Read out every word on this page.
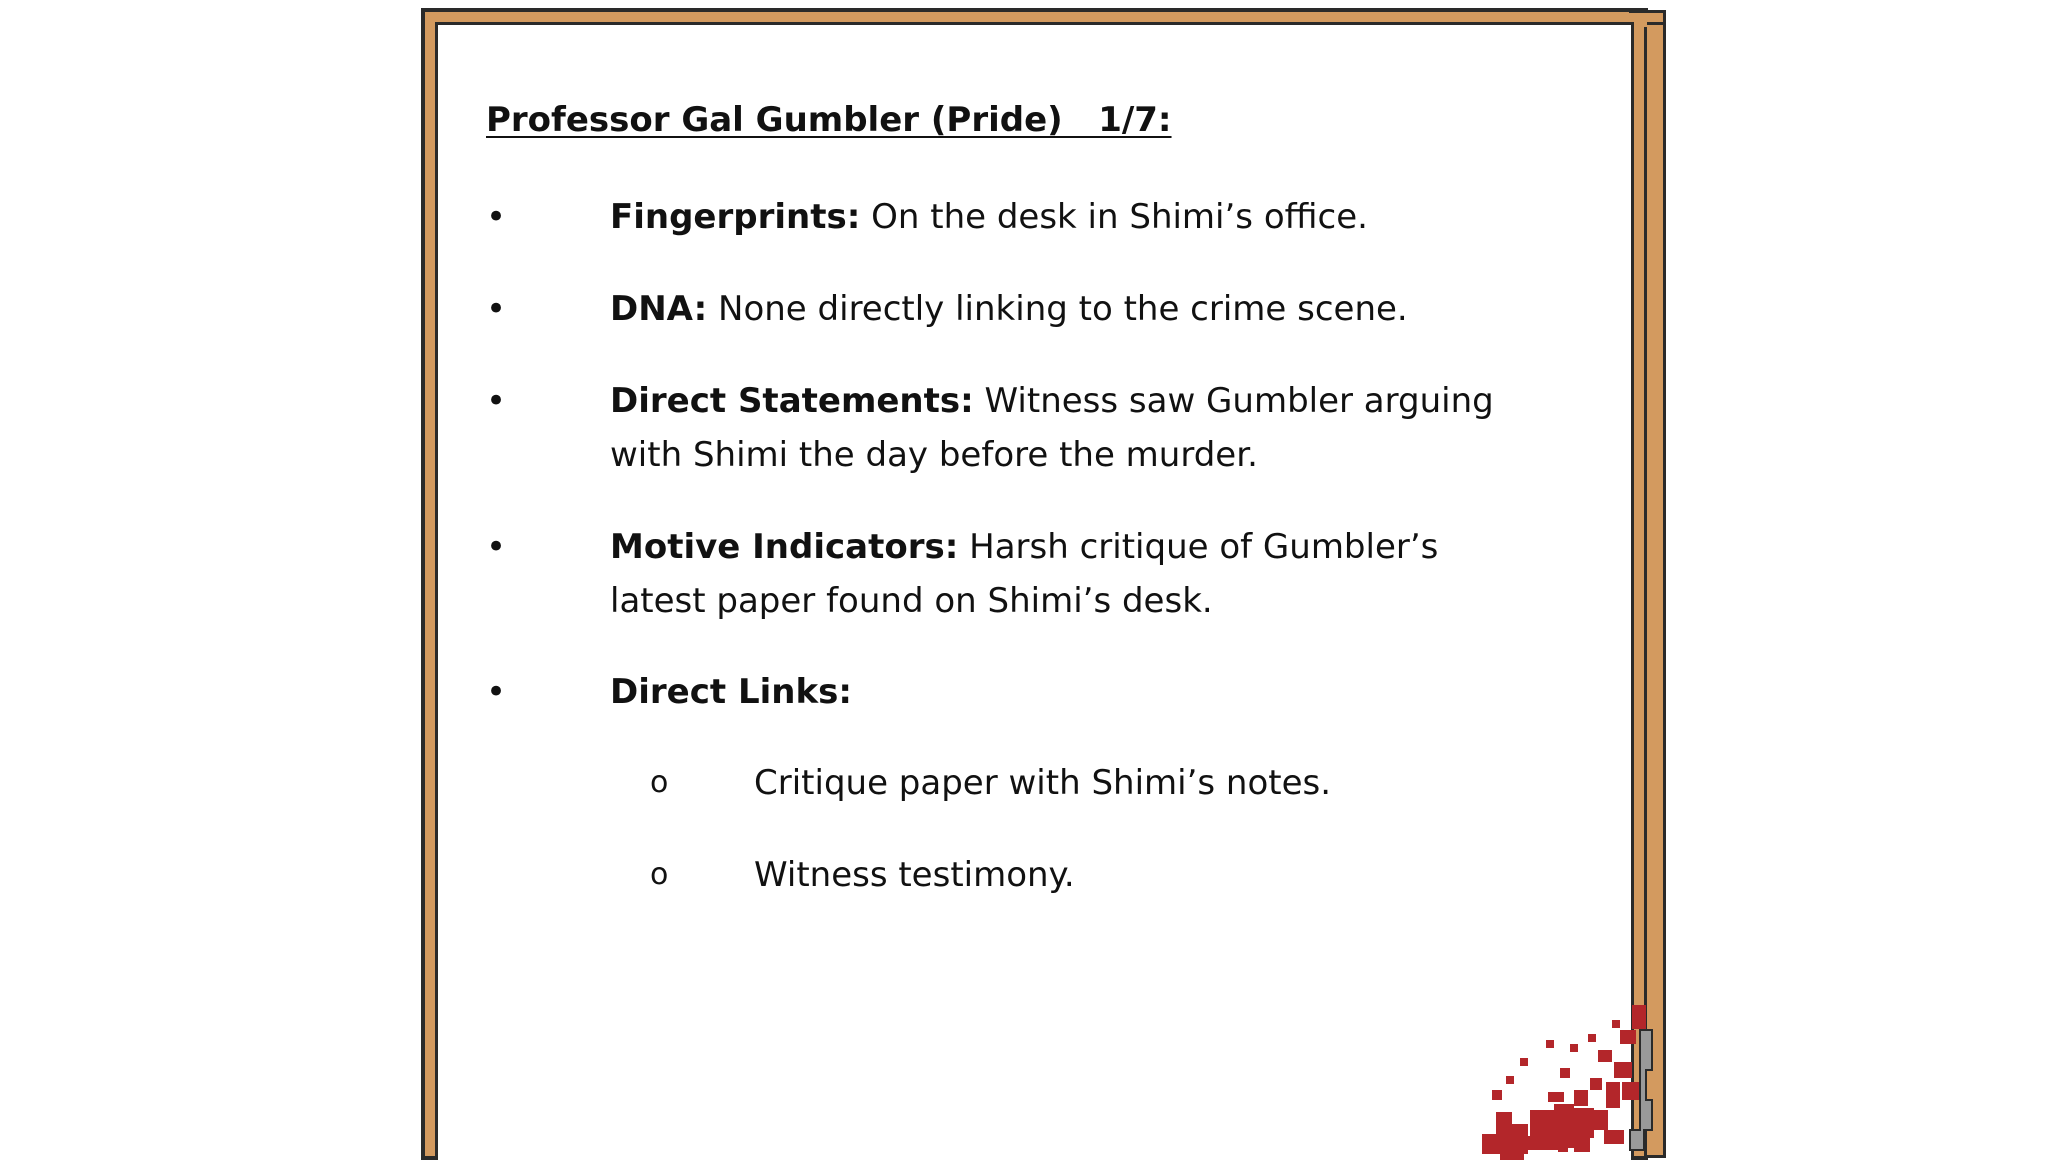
Professor Gal Gumbler (Pride)   1/7:
•	Fingerprints: On the desk in Shimi’s office.
•	DNA: None directly linking to the crime scene.
•	Direct Statements: Witness saw Gumbler arguing with Shimi the day before the murder.
•	Motive Indicators: Harsh critique of Gumbler’s latest paper found on Shimi’s desk.
•	Direct Links:
o	Critique paper with Shimi’s notes.
o	Witness testimony.
